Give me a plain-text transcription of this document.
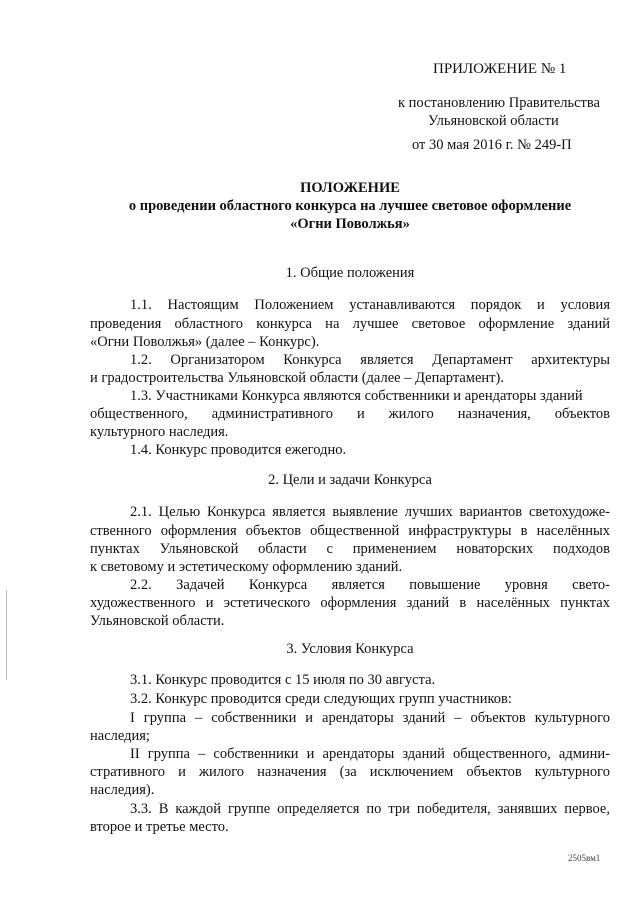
ПРИЛОЖЕНИЕ № 1
к постановлению Правительства
Ульяновской области
от 30 мая 2016 г. № 249-П
ПОЛОЖЕНИЕ
о проведении областного конкурса на лучшее световое оформление
«Огни Поволжья»
1. Общие положения
1.1. Настоящим Положением устанавливаются порядок и условия
проведения областного конкурса на лучшее световое оформление зданий
«Огни Поволжья» (далее – Конкурс).
1.2. Организатором Конкурса является Департамент архитектуры
и градостроительства Ульяновской области (далее – Департамент).
1.3. Участниками Конкурса являются собственники и арендаторы зданий
общественного, административного и жилого назначения, объектов
культурного наследия.
1.4. Конкурс проводится ежегодно.
2. Цели и задачи Конкурса
2.1. Целью Конкурса является выявление лучших вариантов светохудоже-
ственного оформления объектов общественной инфраструктуры в населённых
пунктах Ульяновской области с применением новаторских подходов
к световому и эстетическому оформлению зданий.
2.2. Задачей Конкурса является повышение уровня свето-
художественного и эстетического оформления зданий в населённых пунктах
Ульяновской области.
3. Условия Конкурса
3.1. Конкурс проводится с 15 июля по 30 августа.
3.2. Конкурс проводится среди следующих групп участников:
I группа – собственники и арендаторы зданий – объектов культурного
наследия;
II группа – собственники и арендаторы зданий общественного, админи-
стративного и жилого назначения (за исключением объектов культурного
наследия).
3.3. В каждой группе определяется по три победителя, занявших первое,
второе и третье место.
2505вм1
